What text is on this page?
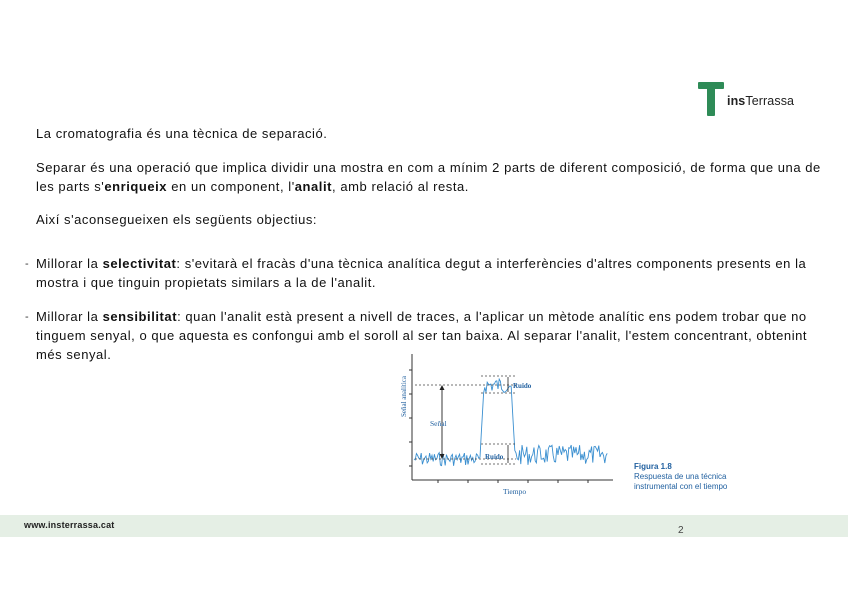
insTerrassa
La cromatografia és una tècnica de separació.
Separar és una operació que implica dividir una mostra en com a mínim 2 parts de diferent composició, de forma que una de les parts s'enriqueix en un component, l'analit, amb relació al resta.
Així s'aconsegueixen els següents objectius:
- Millorar la selectivitat: s'evitarà el fracàs d'una tècnica analítica degut a interferències d'altres components presents en la mostra i que tinguin propietats similars a la de l'analit.
- Millorar la sensibilitat: quan l'analit està present a nivell de traces, a l'aplicar un mètode analític ens podem trobar que no tinguem senyal, o que aquesta es confongui amb el soroll al ser tan baixa. Al separar l'analit, l'estem concentrant, obtenint més senyal.
Señal analítica
Tiempo
Señal
Ruido
Ruido
Figura 1.8
Respuesta de una técnica
instrumental con el tiempo
www.insterrassa.cat	2
